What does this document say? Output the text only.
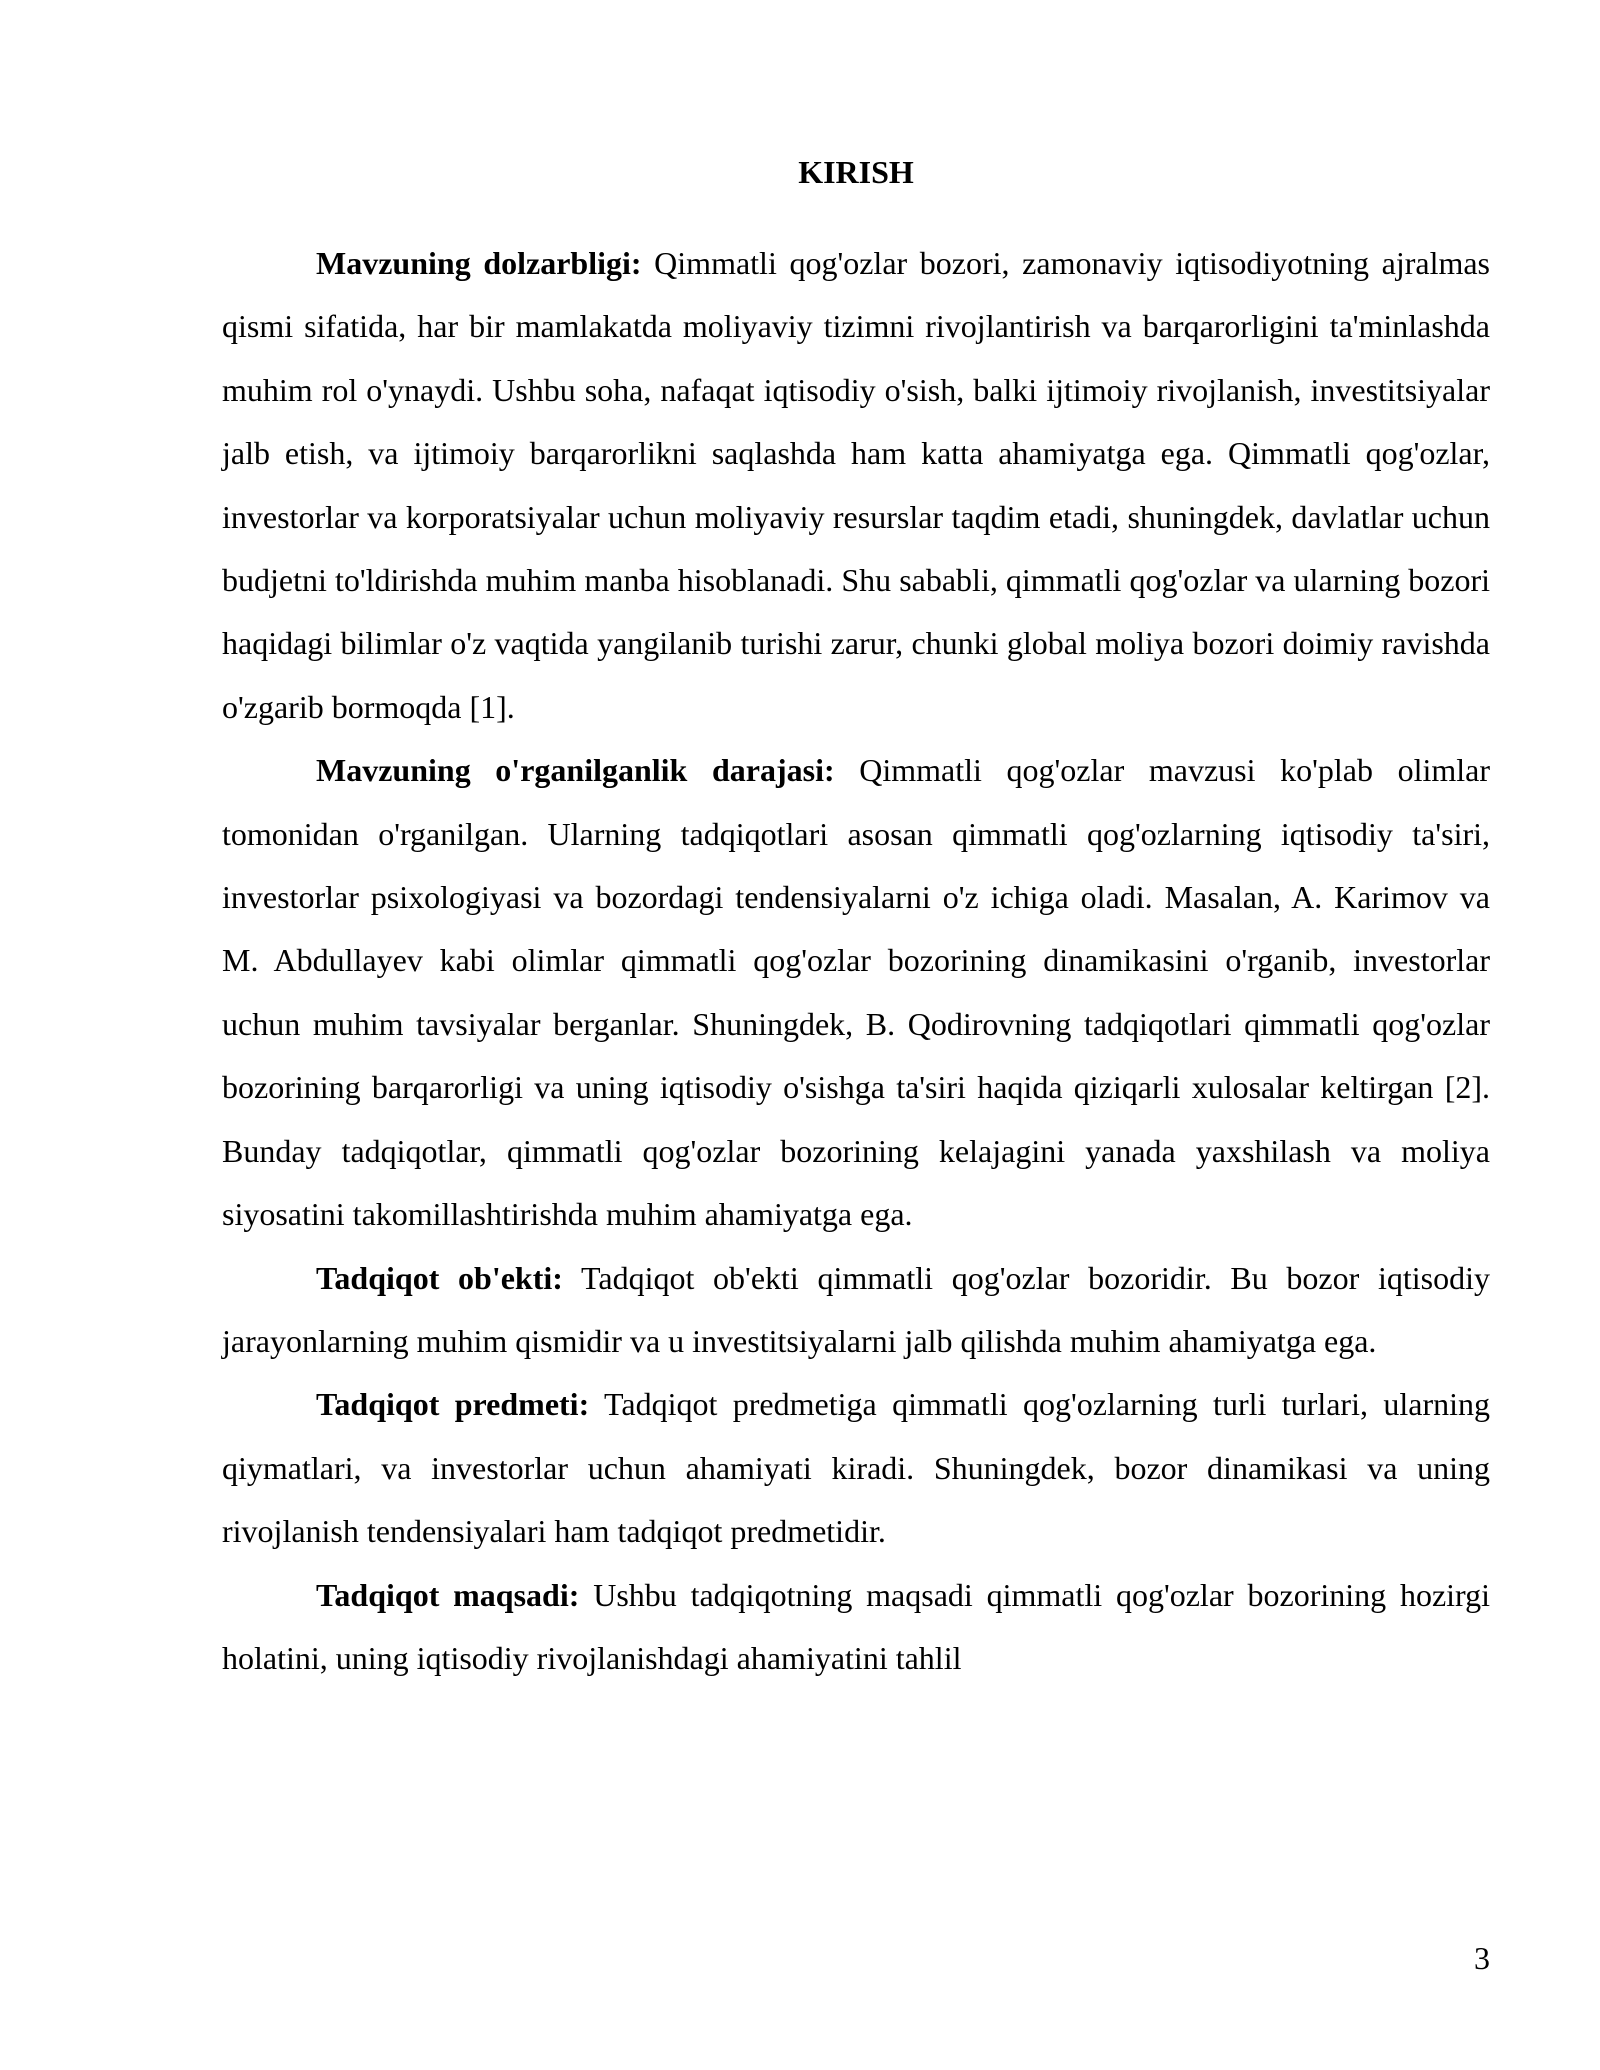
KIRISH

Mavzuning dolzarbligi: Qimmatli qog'ozlar bozori, zamonaviy iqtisodiyotning ajralmas qismi sifatida, har bir mamlakatda moliyaviy tizimni rivojlantirish va barqarorligini ta'minlashda muhim rol o'ynaydi. Ushbu soha, nafaqat iqtisodiy o'sish, balki ijtimoiy rivojlanish, investitsiyalar jalb etish, va ijtimoiy barqarorlikni saqlashda ham katta ahamiyatga ega. Qimmatli qog'ozlar, investorlar va korporatsiyalar uchun moliyaviy resurslar taqdim etadi, shuningdek, davlatlar uchun budjetni to'ldirishda muhim manba hisoblanadi. Shu sababli, qimmatli qog'ozlar va ularning bozori haqidagi bilimlar o'z vaqtida yangilanib turishi zarur, chunki global moliya bozori doimiy ravishda o'zgarib bormoqda [1].

Mavzuning o'rganilganlik darajasi: Qimmatli qog'ozlar mavzusi ko'plab olimlar tomonidan o'rganilgan. Ularning tadqiqotlari asosan qimmatli qog'ozlarning iqtisodiy ta'siri, investorlar psixologiyasi va bozordagi tendensiyalarni o'z ichiga oladi. Masalan, A. Karimov va M. Abdullayev kabi olimlar qimmatli qog'ozlar bozorining dinamikasini o'rganib, investorlar uchun muhim tavsiyalar berganlar. Shuningdek, B. Qodirovning tadqiqotlari qimmatli qog'ozlar bozorining barqarorligi va uning iqtisodiy o'sishga ta'siri haqida qiziqarli xulosalar keltirgan [2]. Bunday tadqiqotlar, qimmatli qog'ozlar bozorining kelajagini yanada yaxshilash va moliya siyosatini takomillashtirishda muhim ahamiyatga ega.

Tadqiqot ob'ekti: Tadqiqot ob'ekti qimmatli qog'ozlar bozoridir. Bu bozor iqtisodiy jarayonlarning muhim qismidir va u investitsiyalarni jalb qilishda muhim ahamiyatga ega.

Tadqiqot predmeti: Tadqiqot predmetiga qimmatli qog'ozlarning turli turlari, ularning qiymatlari, va investorlar uchun ahamiyati kiradi. Shuningdek, bozor dinamikasi va uning rivojlanish tendensiyalari ham tadqiqot predmetidir.

Tadqiqot maqsadi: Ushbu tadqiqotning maqsadi qimmatli qog'ozlar bozorining hozirgi holatini, uning iqtisodiy rivojlanishdagi ahamiyatini tahlil

3
